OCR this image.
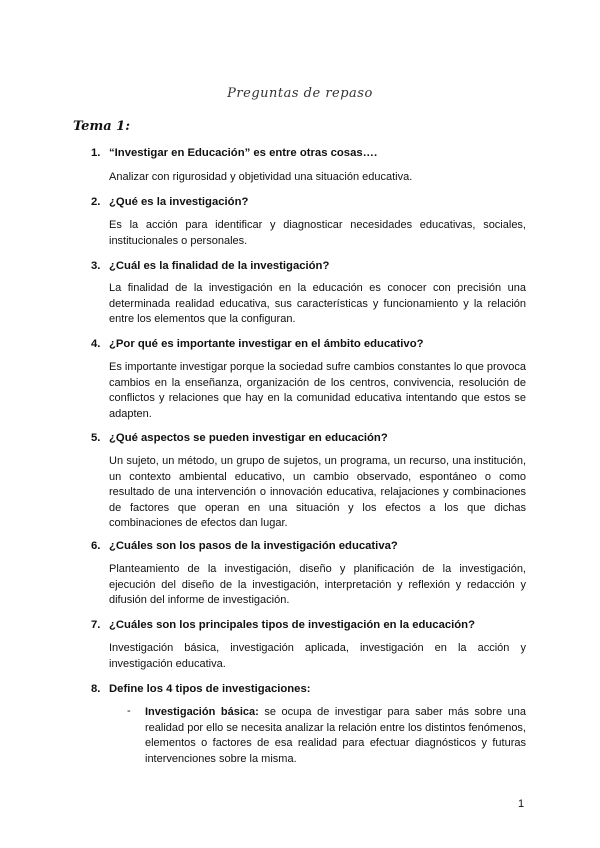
Preguntas de repaso
Tema 1:
1. “Investigar en Educación” es entre otras cosas….
Analizar con rigurosidad y objetividad una situación educativa.
2. ¿Qué es la investigación?
Es la acción para identificar y diagnosticar necesidades educativas, sociales, institucionales o personales.
3. ¿Cuál es la finalidad de la investigación?
La finalidad de la investigación en la educación es conocer con precisión una determinada realidad educativa, sus características y funcionamiento y la relación entre los elementos que la configuran.
4. ¿Por qué es importante investigar en el ámbito educativo?
Es importante investigar porque la sociedad sufre cambios constantes lo que provoca cambios en la enseñanza, organización de los centros, convivencia, resolución de conflictos y relaciones que hay en la comunidad educativa intentando que estos se adapten.
5. ¿Qué aspectos se pueden investigar en educación?
Un sujeto, un método, un grupo de sujetos, un programa, un recurso, una institución, un contexto ambiental educativo, un cambio observado, espontáneo o como resultado de una intervención o innovación educativa, relajaciones y combinaciones de factores que operan en una situación y los efectos a los que dichas combinaciones de efectos dan lugar.
6. ¿Cuáles son los pasos de la investigación educativa?
Planteamiento de la investigación, diseño y planificación de la investigación, ejecución del diseño de la investigación, interpretación y reflexión y redacción y difusión del informe de investigación.
7. ¿Cuáles son los principales tipos de investigación en la educación?
Investigación básica, investigación aplicada, investigación en la acción y investigación educativa.
8. Define los 4 tipos de investigaciones:
- Investigación básica: se ocupa de investigar para saber más sobre una realidad por ello se necesita analizar la relación entre los distintos fenómenos, elementos o factores de esa realidad para efectuar diagnósticos y futuras intervenciones sobre la misma.
1
